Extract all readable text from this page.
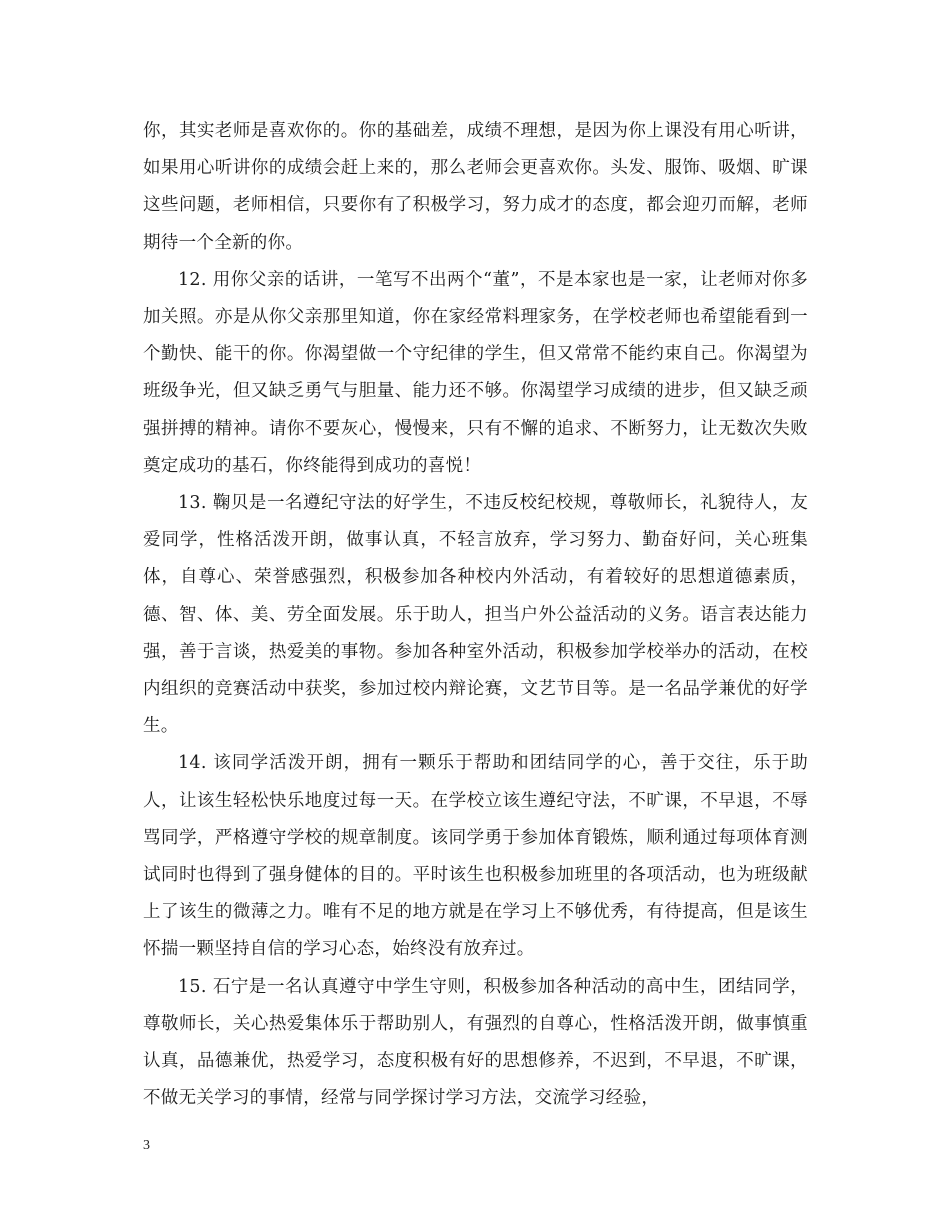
你，其实老师是喜欢你的。你的基础差，成绩不理想，是因为你上课没有用心听讲，如果用心听讲你的成绩会赶上来的，那么老师会更喜欢你。头发、服饰、吸烟、旷课这些问题，老师相信，只要你有了积极学习，努力成才的态度，都会迎刃而解，老师期待一个全新的你。

12. 用你父亲的话讲，一笔写不出两个“董”，不是本家也是一家，让老师对你多加关照。亦是从你父亲那里知道，你在家经常料理家务，在学校老师也希望能看到一个勤快、能干的你。你渴望做一个守纪律的学生，但又常常不能约束自己。你渴望为班级争光，但又缺乏勇气与胆量、能力还不够。你渴望学习成绩的进步，但又缺乏顽强拼搏的精神。请你不要灰心，慢慢来，只有不懈的追求、不断努力，让无数次失败奠定成功的基石，你终能得到成功的喜悦！

13. 鞠贝是一名遵纪守法的好学生，不违反校纪校规，尊敬师长，礼貌待人，友爱同学，性格活泼开朗，做事认真，不轻言放弃，学习努力、勤奋好问，关心班集体，自尊心、荣誉感强烈，积极参加各种校内外活动，有着较好的思想道德素质，德、智、体、美、劳全面发展。乐于助人，担当户外公益活动的义务。语言表达能力强，善于言谈，热爱美的事物。参加各种室外活动，积极参加学校举办的活动，在校内组织的竞赛活动中获奖，参加过校内辩论赛，文艺节目等。是一名品学兼优的好学生。

14. 该同学活泼开朗，拥有一颗乐于帮助和团结同学的心，善于交往，乐于助人，让该生轻松快乐地度过每一天。在学校立该生遵纪守法，不旷课，不早退，不辱骂同学，严格遵守学校的规章制度。该同学勇于参加体育锻炼，顺利通过每项体育测试同时也得到了强身健体的目的。平时该生也积极参加班里的各项活动，也为班级献上了该生的微薄之力。唯有不足的地方就是在学习上不够优秀，有待提高，但是该生怀揣一颗坚持自信的学习心态，始终没有放弃过。

15. 石宁是一名认真遵守中学生守则，积极参加各种活动的高中生，团结同学，尊敬师长，关心热爱集体乐于帮助别人，有强烈的自尊心，性格活泼开朗，做事慎重认真，品德兼优，热爱学习，态度积极有好的思想修养，不迟到，不早退，不旷课，不做无关学习的事情，经常与同学探讨学习方法，交流学习经验，

3
